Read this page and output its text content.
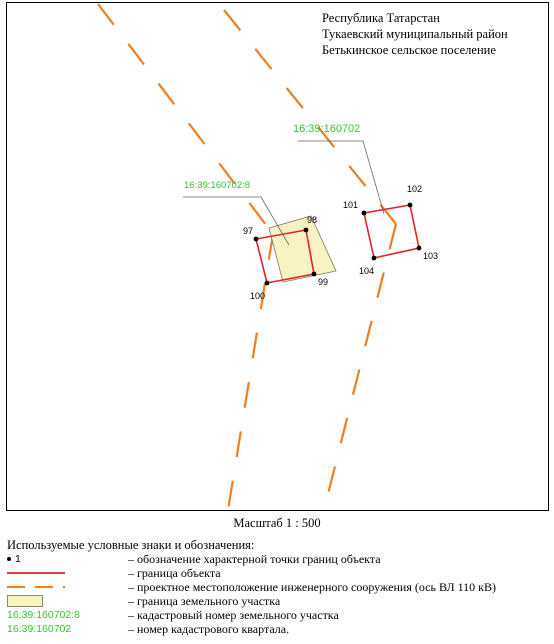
16:39:160702:8
16:39:160702
97
98
99
100
101
102
103
104
Республика Татарстан
Тукаевский муниципальный район
Бетькинское сельское поселение
Масштаб 1 : 500
Используемые условные знаки и обозначения:
1	– обозначение характерной точки границ объекта
– граница объекта
– проектное местоположение инженерного сооружения (ось ВЛ 110 кВ)
– граница земельного участка
16:39:160702:8	– кадастровый номер земельного участка
16:39:160702	– номер кадастрового квартала.
